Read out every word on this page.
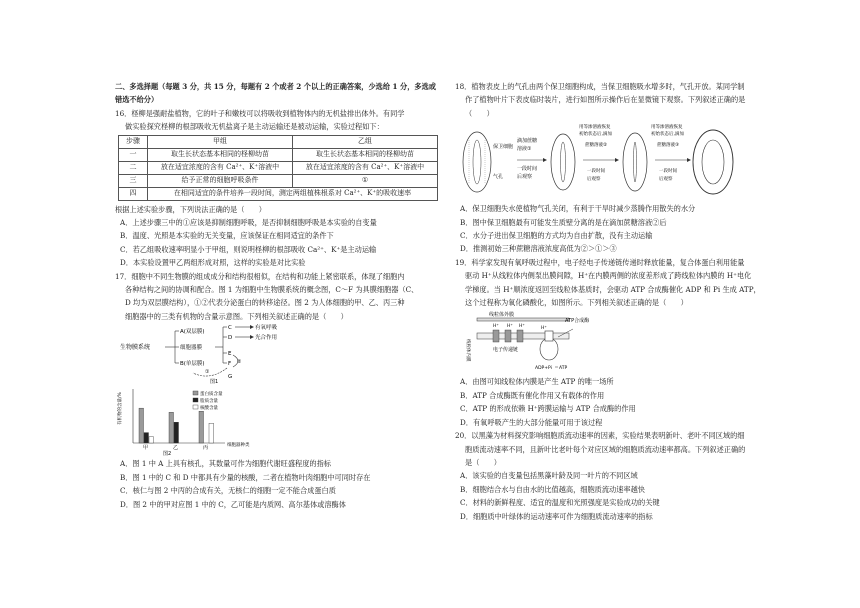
二、多选择题（每题 3 分，共 15 分，每题有 2 个或者 2 个以上的正确答案，少选给 1 分，多选或错选不给分）

16．柽柳是强耐盐植物，它的叶子和嫩枝可以将吸收到植物体内的无机盐排出体外。有同学

做实验探究柽柳的根部吸收无机盐离子是主动运输还是被动运输，实验过程如下：

步骤	甲组	乙组
一	取生长状态基本相同的柽柳幼苗	取生长状态基本相同的柽柳幼苗
二	放在适宜浓度的含有 Ca²⁺、K⁺溶液中	放在适宜浓度的含有 Ca²⁺、K⁺溶液中
三	给予正常的细胞呼吸条件	①
四	在相同适宜的条件培养一段时间，测定两组植株根系对 Ca²⁺、K⁺的吸收速率	

根据上述实验步骤，下列说法正确的是（　　）

A．上述步骤三中的①应该是抑制细胞呼吸，是否抑制细胞呼吸是本实验的自变量

B．温度、光照是本实验的无关变量，应该保证在相同适宜的条件下

C．若乙组吸收速率明显小于甲组，则说明柽柳的根部吸收 Ca²⁺、K⁺是主动运输

D．本实验设置甲乙两组形成对照，这样的实验是对比实验

17．细胞中不同生物膜的组成成分和结构很相似，在结构和功能上紧密联系，体现了细胞内

各种结构之间的协调和配合。图 1 为细胞中生物膜系统的概念图，C～F 为具膜细胞器（C、

D 均为双层膜结构），①②代表分泌蛋白的转移途径。图 2 为人体细胞的甲、乙、丙三种

细胞器中的三类有机物的含量示意图。下列相关叙述正确的是（　　）

生物膜系统
A(双层膜)
细胞器膜
B(单层膜)
C
D
E
F
G
有氧呼吸
光合作用
①
②
图1
有机物的含量/%
甲	乙	丙
蛋白质含量
脂质含量
核酸含量
细胞器种类
图2

A．图 1 中 A 上具有核孔，其数量可作为细胞代谢旺盛程度的指标

B．图 1 中的 C 和 D 中都具有少量的核酸，二者在植物叶肉细胞中可同时存在

C．核仁与图 2 中丙的合成有关，无核仁的细胞一定不能合成蛋白质

D．图 2 中的甲对应图 1 中的 C，乙可能是内质网、高尔基体或溶酶体

18．植物表皮上的气孔由两个保卫细胞构成，当保卫细胞吸水增多时，气孔开放。某同学制

作了植物叶片下表皮临时装片，进行如图所示操作后在显微镜下观察。下列叙述正确的是

（　　）

保卫细胞
气孔
滴加蔗糖
溶液①
一段时间
后观察
用等渗溶液恢复
初始状态后,滴加
蔗糖溶液②
一段时间
后观察
用等渗溶液恢复
初始状态后,滴加
蔗糖溶液③
一段时间
后观察

A．保卫细胞失水使植物气孔关闭，有利于干旱时减少蒸腾作用散失的水分

B．图中保卫细胞最有可能发生质壁分离的是在滴加蔗糖溶液②后

C．水分子进出保卫细胞的方式均为自由扩散，没有主动运输

D．推测初始三种蔗糖溶液浓度高低为②＞①＞③

19．科学家发现有氧呼吸过程中，电子经电子传递链传递时释放能量，复合体蛋白利用能量

驱动 H⁺从线粒体内侧泵出膜间隙，H⁺在内膜两侧的浓度差形成了跨线粒体内膜的 H⁺电化

学梯度。当 H⁺顺浓度返回至线粒体基质时，会驱动 ATP 合成酶催化 ADP 和 Pi 生成 ATP，

这个过程称为氧化磷酸化，如图所示。下列相关叙述正确的是（　　）

线粒体内膜
线粒体外膜
H⁺ H⁺ H⁺	H⁺
电子传递链
ATP合成酶
ADP+Pi ATP

A．由图可知线粒体内膜是产生 ATP 的唯一场所

B．ATP 合成酶既有催化作用又有载体的作用

C．ATP 的形成依赖 H⁺跨膜运输与 ATP 合成酶的作用

D．有氧呼吸产生的大部分能量可用于该过程

20．以黑藻为材料探究影响细胞质流动速率的因素，实验结果表明新叶、老叶不同区域的细

胞质流动速率不同，且新叶比老叶每个对应区域的细胞质流动速率都高。下列叙述正确的

是（　　）

A．该实验的自变量包括黑藻叶龄及同一叶片的不同区域

B．细胞结合水与自由水的比值越高，细胞质流动速率越快

C．材料的新鲜程度、适宜的温度和光照强度是实验成功的关键

D．细胞质中叶绿体的运动速率可作为细胞质流动速率的指标
